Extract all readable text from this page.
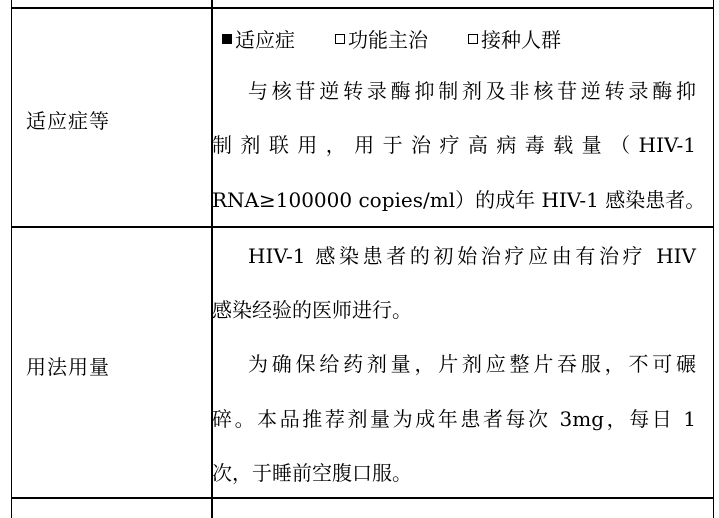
适应症等
适应症	功能主治	接种人群
与核苷逆转录酶抑制剂及非核苷逆转录酶抑
制剂联用，用于治疗高病毒载量（HIV-1
RNA≥100000 copies/ml）的成年 HIV-1 感染患者。
用法用量
HIV-1 感染患者的初始治疗应由有治疗 HIV
感染经验的医师进行。
为确保给药剂量，片剂应整片吞服，不可碾
碎。本品推荐剂量为成年患者每次 3mg，每日 1
次，于睡前空腹口服。
